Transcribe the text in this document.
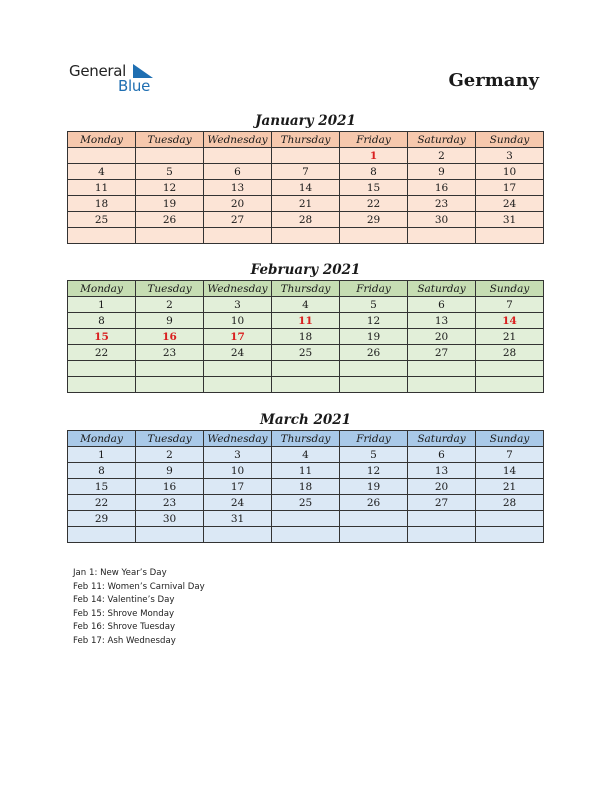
General
Blue	Germany
January 2021
Monday	Tuesday	Wednesday	Thursday	Friday	Saturday	Sunday
				1	2	3
4	5	6	7	8	9	10
11	12	13	14	15	16	17
18	19	20	21	22	23	24
25	26	27	28	29	30	31

February 2021
Monday	Tuesday	Wednesday	Thursday	Friday	Saturday	Sunday
1	2	3	4	5	6	7
8	9	10	11	12	13	14
15	16	17	18	19	20	21
22	23	24	25	26	27	28

March 2021
Monday	Tuesday	Wednesday	Thursday	Friday	Saturday	Sunday
1	2	3	4	5	6	7
8	9	10	11	12	13	14
15	16	17	18	19	20	21
22	23	24	25	26	27	28
29	30	31				

Jan 1: New Year’s Day
Feb 11: Women’s Carnival Day
Feb 14: Valentine’s Day
Feb 15: Shrove Monday
Feb 16: Shrove Tuesday
Feb 17: Ash Wednesday
